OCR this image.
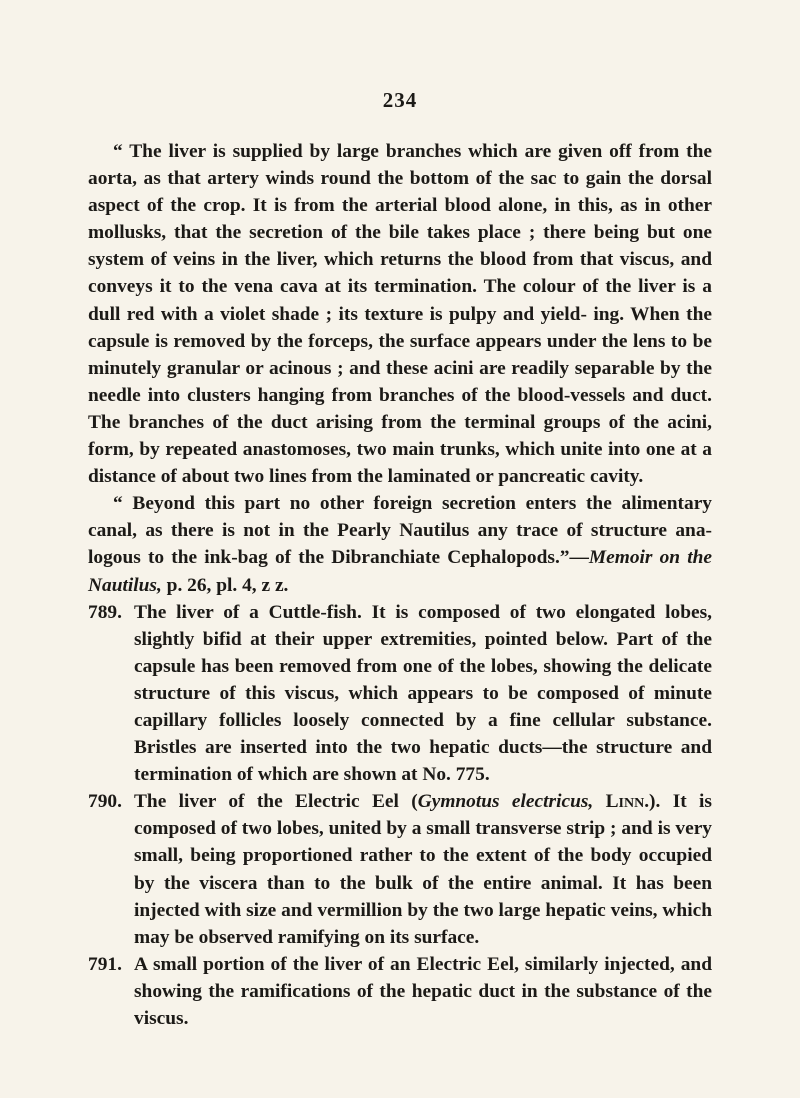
234

“ The liver is supplied by large branches which are given off from the aorta, as that artery winds round the bottom of the sac to gain the dorsal aspect of the crop. It is from the arterial blood alone, in this, as in other mollusks, that the secretion of the bile takes place ; there being but one system of veins in the liver, which returns the blood from that viscus, and conveys it to the vena cava at its termination. The colour of the liver is a dull red with a violet shade ; its texture is pulpy and yield- ing. When the capsule is removed by the forceps, the surface appears under the lens to be minutely granular or acinous ; and these acini are readily separable by the needle into clusters hanging from branches of the blood-vessels and duct. The branches of the duct arising from the terminal groups of the acini, form, by repeated anastomoses, two main trunks, which unite into one at a distance of about two lines from the laminated or pancreatic cavity.

“ Beyond this part no other foreign secretion enters the alimentary canal, as there is not in the Pearly Nautilus any trace of structure ana- logous to the ink-bag of the Dibranchiate Cephalopods.”—Memoir on the Nautilus, p. 26, pl. 4, z z.

789. The liver of a Cuttle-fish. It is composed of two elongated lobes, slightly bifid at their upper extremities, pointed below. Part of the capsule has been removed from one of the lobes, showing the delicate structure of this viscus, which appears to be composed of minute capillary follicles loosely connected by a fine cellular substance. Bristles are inserted into the two hepatic ducts—the structure and termination of which are shown at No. 775.

790. The liver of the Electric Eel (Gymnotus electricus, Linn.). It is composed of two lobes, united by a small transverse strip ; and is very small, being proportioned rather to the extent of the body occupied by the viscera than to the bulk of the entire animal. It has been injected with size and vermillion by the two large hepatic veins, which may be observed ramifying on its surface.

791. A small portion of the liver of an Electric Eel, similarly injected, and showing the ramifications of the hepatic duct in the substance of the viscus.
